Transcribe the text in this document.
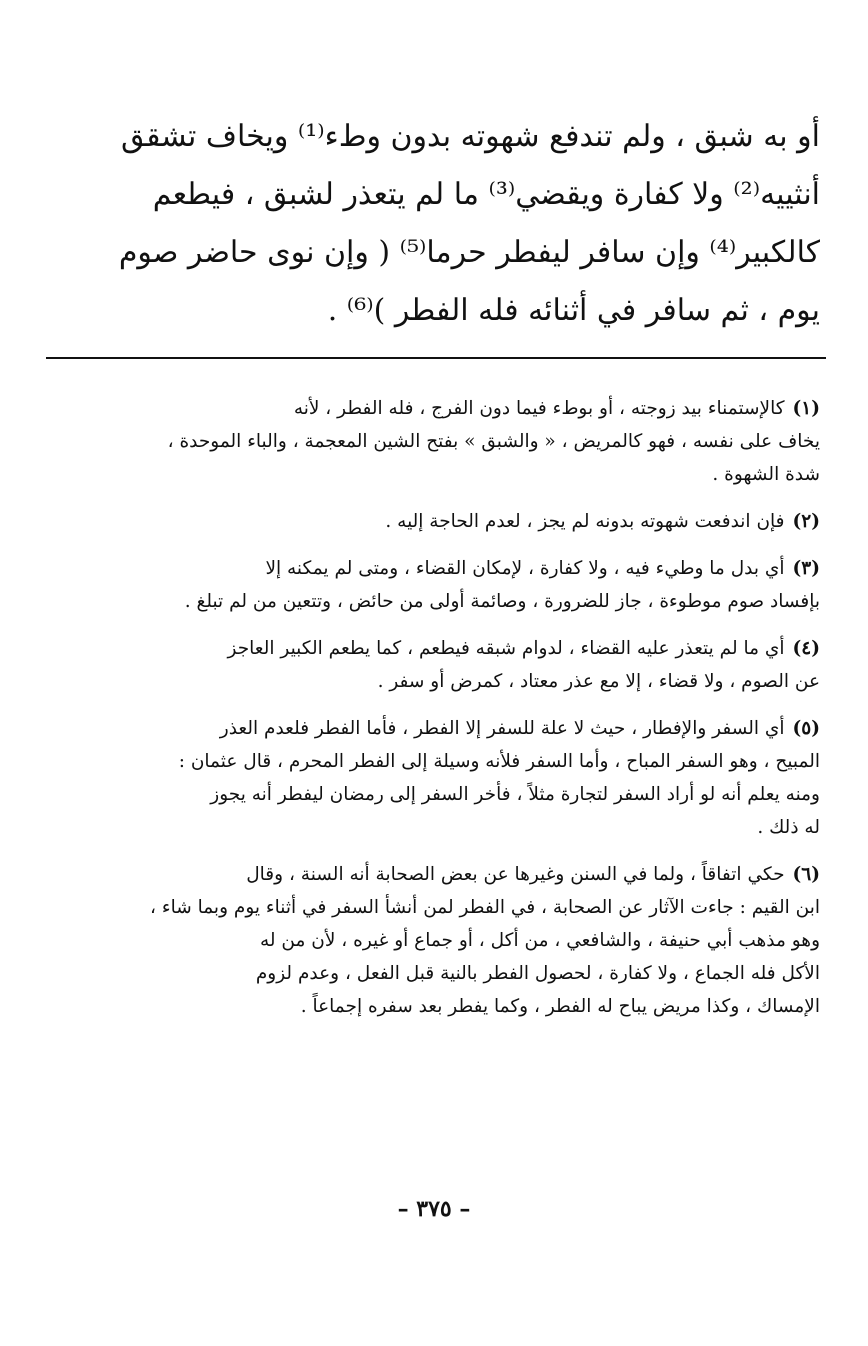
أو به شبق ، ولم تندفع شهوته بدون وطء⁽¹⁾ ويخاف تشقق
أنثييه⁽²⁾ ولا كفارة ويقضي⁽³⁾ ما لم يتعذر لشبق ، فيطعم
كالكبير⁽⁴⁾ وإن سافر ليفطر حرما⁽⁵⁾ ( وإن نوى حاضر صوم
يوم ، ثم سافر في أثنائه فله الفطر )⁽⁶⁾ .
(١)كالإستمناء بيد زوجته ، أو بوطء فيما دون الفرج ، فله الفطر ، لأنه
يخاف على نفسه ، فهو كالمريض ، « والشبق » بفتح الشين المعجمة ، والباء الموحدة ،
شدة الشهوة .
(٢)فإن اندفعت شهوته بدونه لم يجز ، لعدم الحاجة إليه .
(٣)أي بدل ما وطيء فيه ، ولا كفارة ، لإمكان القضاء ، ومتى لم يمكنه إلا
بإفساد صوم موطوءة ، جاز للضرورة ، وصائمة أولى من حائض ، وتتعين من لم تبلغ .
(٤)أي ما لم يتعذر عليه القضاء ، لدوام شبقه فيطعم ، كما يطعم الكبير العاجز
عن الصوم ، ولا قضاء ، إلا مع عذر معتاد ، كمرض أو سفر .
(٥)أي السفر والإفطار ، حيث لا علة للسفر إلا الفطر ، فأما الفطر فلعدم العذر
المبيح ، وهو السفر المباح ، وأما السفر فلأنه وسيلة إلى الفطر المحرم ، قال عثمان :
ومنه يعلم أنه لو أراد السفر لتجارة مثلاً ، فأخر السفر إلى رمضان ليفطر أنه يجوز
له ذلك .
(٦)حكي اتفاقاً ، ولما في السنن وغيرها عن بعض الصحابة أنه السنة ، وقال
ابن القيم : جاءت الآثار عن الصحابة ، في الفطر لمن أنشأ السفر في أثناء يوم وبما شاء ،
وهو مذهب أبي حنيفة ، والشافعي ، من أكل ، أو جماع أو غيره ، لأن من له
الأكل فله الجماع ، ولا كفارة ، لحصول الفطر بالنية قبل الفعل ، وعدم لزوم
الإمساك ، وكذا مريض يباح له الفطر ، وكما يفطر بعد سفره إجماعاً .
– ٣٧٥ –
